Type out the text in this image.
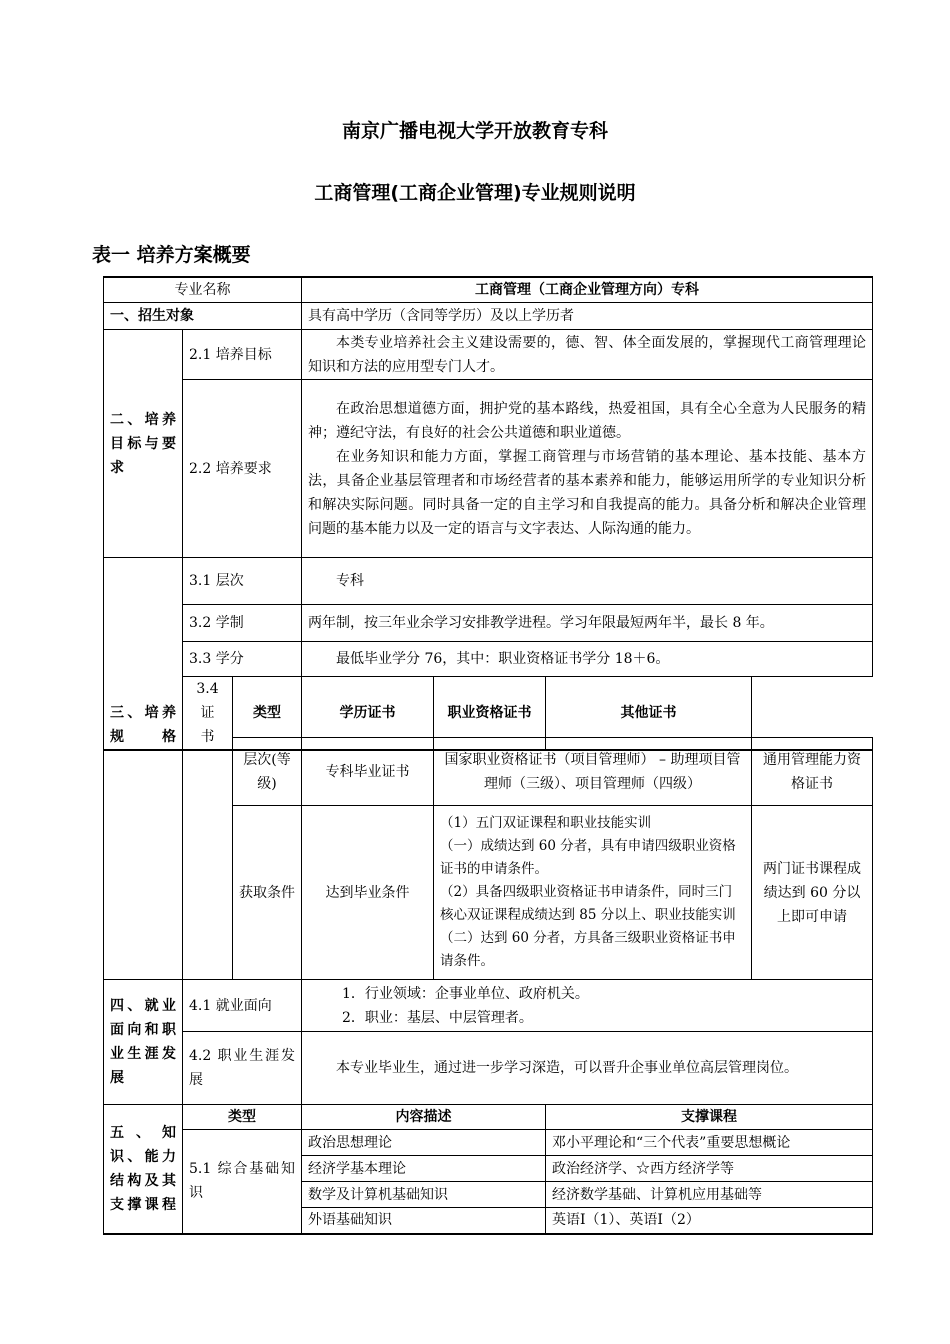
南京广播电视大学开放教育专科
工商管理(工商企业管理)专业规则说明
表一 培养方案概要
专业名称			工商管理（工商企业管理方向）专科		
一、招生对象			具有高中学历（含同等学历）及以上学历者		
二、培养目标与要求	2.1 培养目标		本类专业培养社会主义建设需要的，德、智、体全面发展的，掌握现代工商管理理论知识和方法的应用型专门人才。		
	2.2 培养要求		在政治思想道德方面，拥护党的基本路线，热爱祖国，具有全心全意为人民服务的精神；遵纪守法，有良好的社会公共道德和职业道德。

在业务知识和能力方面，掌握工商管理与市场营销的基本理论、基本技能、基本方法，具备企业基层管理者和市场经营者的基本素养和能力，能够运用所学的专业知识分析和解决实际问题。同时具备一定的自主学习和自我提高的能力。具备分析和解决企业管理问题的基本能力以及一定的语言与文字表达、人际沟通的能力。		

三、培养规格	3.1 层次		专科		
	3.2 学制		两年制，按三年业余学习安排教学进程。学习年限最短两年半，最长 8 年。		
	3.3 学分		最低毕业学分 76，其中：职业资格证书学分 18＋6。		
	3.4 证书	类型	学历证书	职业资格证书	其他证书
		层次(等级)	专科毕业证书	国家职业资格证书（项目管理师） – 助理项目管理师（三级）、项目管理师（四级）		通用管理能力资格证书
		获取条件	达到毕业条件	（1）五门双证课程和职业技能实训

（一）成绩达到 60 分者，具有申请四级职业资格证书的申请条件。

（2）具备四级职业资格证书申请条件，同时三门核心双证课程成绩达到 85 分以上、职业技能实训（二）达到 60 分者，方具备三级职业资格证书申请条件。		两门证书课程成绩达到 60 分以上即可申请
四、就业面向和职业生涯发展	4.1 就业面向		1．行业领域：企事业单位、政府机关。

2．职业：基层、中层管理者。			

	4.2 职业生涯发展		本专业毕业生，通过进一步学习深造，可以晋升企事业单位高层管理岗位。			
五、知识、能力结构及其支撑课程	类型		内容描述		支撑课程	
	5.1 综合基础知识		政治思想理论		邓小平理论和“三个代表”重要思想概论	
			经济学基本理论		政治经济学、☆西方经济学等	
			数学及计算机基础知识		经济数学基础、计算机应用基础等	
			外语基础知识		英语Ⅰ（1）、英语Ⅰ（2）	
